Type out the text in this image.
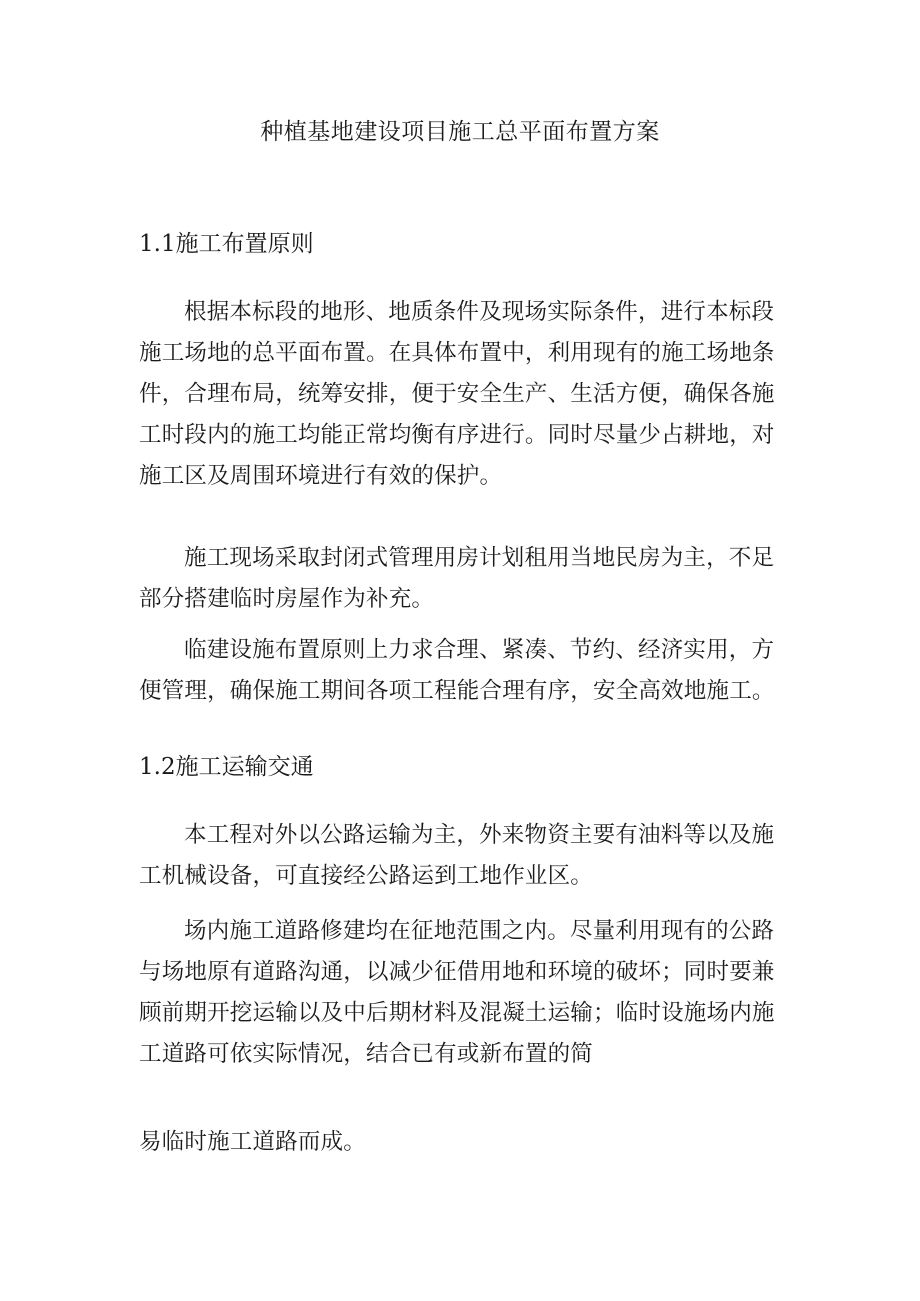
种植基地建设项目施工总平面布置方案
1.1施工布置原则
根据本标段的地形、地质条件及现场实际条件，进行本标段
施工场地的总平面布置。在具体布置中，利用现有的施工场地条
件，合理布局，统筹安排，便于安全生产、生活方便，确保各施
工时段内的施工均能正常均衡有序进行。同时尽量少占耕地，对
施工区及周围环境进行有效的保护。
施工现场采取封闭式管理用房计划租用当地民房为主，不足
部分搭建临时房屋作为补充。
临建设施布置原则上力求合理、紧凑、节约、经济实用，方
便管理，确保施工期间各项工程能合理有序，安全高效地施工。
1.2施工运输交通
本工程对外以公路运输为主，外来物资主要有油料等以及施
工机械设备，可直接经公路运到工地作业区。
场内施工道路修建均在征地范围之内。尽量利用现有的公路
与场地原有道路沟通，以减少征借用地和环境的破坏；同时要兼
顾前期开挖运输以及中后期材料及混凝土运输；临时设施场内施
工道路可依实际情况，结合已有或新布置的简
易临时施工道路而成。
